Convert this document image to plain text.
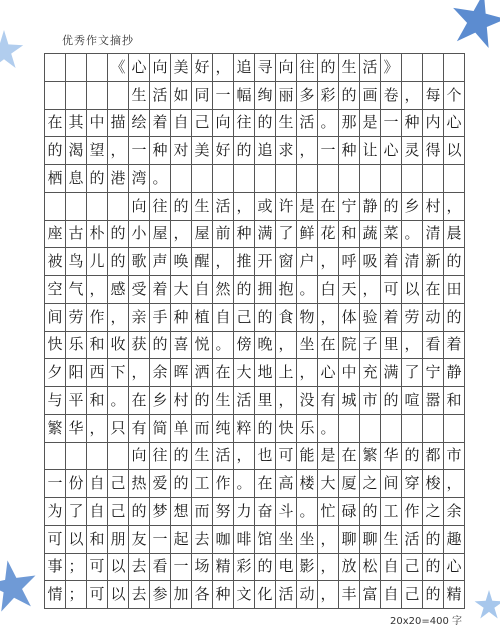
优秀作文摘抄
《 心 向 美 好 ， 追 寻 向 往 的 生 活 》
生 活 如 同 一 幅 绚 丽 多 彩 的 画 卷 ， 每 个
在 其 中 描 绘 着 自 己 向 往 的 生 活 。 那 是 一 种 内 心
的 渴 望 ， 一 种 对 美 好 的 追 求 ， 一 种 让 心 灵 得 以
栖 息 的 港 湾 。
向 往 的 生 活 ， 或 许 是 在 宁 静 的 乡 村 ，
座 古 朴 的 小 屋 ， 屋 前 种 满 了 鲜 花 和 蔬 菜 。 清 晨
被 鸟 儿 的 歌 声 唤 醒 ， 推 开 窗 户 ， 呼 吸 着 清 新 的
空 气 ， 感 受 着 大 自 然 的 拥 抱 。 白 天 ， 可 以 在 田
间 劳 作 ， 亲 手 种 植 自 己 的 食 物 ， 体 验 着 劳 动 的
快 乐 和 收 获 的 喜 悦 。 傍 晚 ， 坐 在 院 子 里 ， 看 着
夕 阳 西 下 ， 余 晖 洒 在 大 地 上 ， 心 中 充 满 了 宁 静
与 平 和 。 在 乡 村 的 生 活 里 ， 没 有 城 市 的 喧 嚣 和
繁 华 ， 只 有 简 单 而 纯 粹 的 快 乐 。
向 往 的 生 活 ， 也 可 能 是 在 繁 华 的 都 市
一 份 自 己 热 爱 的 工 作 。 在 高 楼 大 厦 之 间 穿 梭 ，
为 了 自 己 的 梦 想 而 努 力 奋 斗 。 忙 碌 的 工 作 之 余
可 以 和 朋 友 一 起 去 咖 啡 馆 坐 坐 ， 聊 聊 生 活 的 趣
事 ； 可 以 去 看 一 场 精 彩 的 电 影 ， 放 松 自 己 的 心
情 ； 可 以 去 参 加 各 种 文 化 活 动 ， 丰 富 自 己 的 精
20x20=400 字
